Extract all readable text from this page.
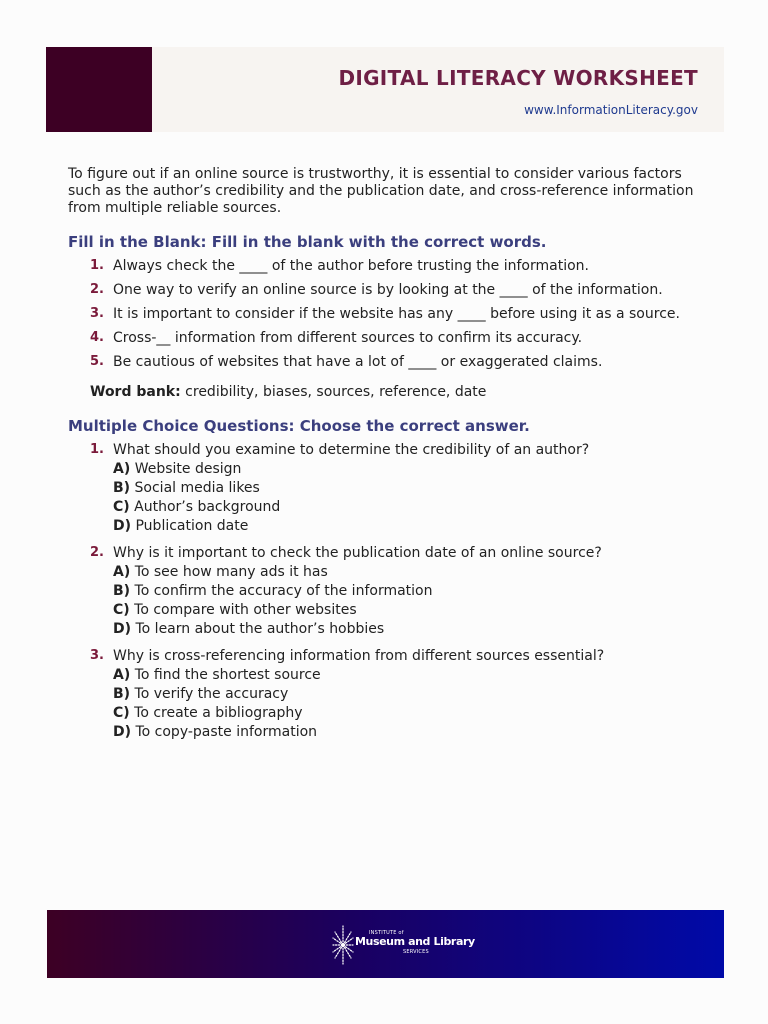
DIGITAL LITERACY WORKSHEET
www.InformationLiteracy.gov

To figure out if an online source is trustworthy, it is essential to consider various factors such as the author’s credibility and the publication date, and cross-reference information from multiple reliable sources.

Fill in the Blank: Fill in the blank with the correct words.
1. Always check the ____ of the author before trusting the information.
2. One way to verify an online source is by looking at the ____ of the information.
3. It is important to consider if the website has any ____ before using it as a source.
4. Cross-__ information from different sources to confirm its accuracy.
5. Be cautious of websites that have a lot of ____ or exaggerated claims.
Word bank: credibility, biases, sources, reference, date
Multiple Choice Questions: Choose the correct answer.
1. What should you examine to determine the credibility of an author?
A) Website design
B) Social media likes
C) Author’s background
D) Publication date
2. Why is it important to check the publication date of an online source?
A) To see how many ads it has
B) To confirm the accuracy of the information
C) To compare with other websites
D) To learn about the author’s hobbies
3. Why is cross-referencing information from different sources essential?
A) To find the shortest source
B) To verify the accuracy
C) To create a bibliography
D) To copy-paste information
INSTITUTE of
Museum and Library
SERVICES
